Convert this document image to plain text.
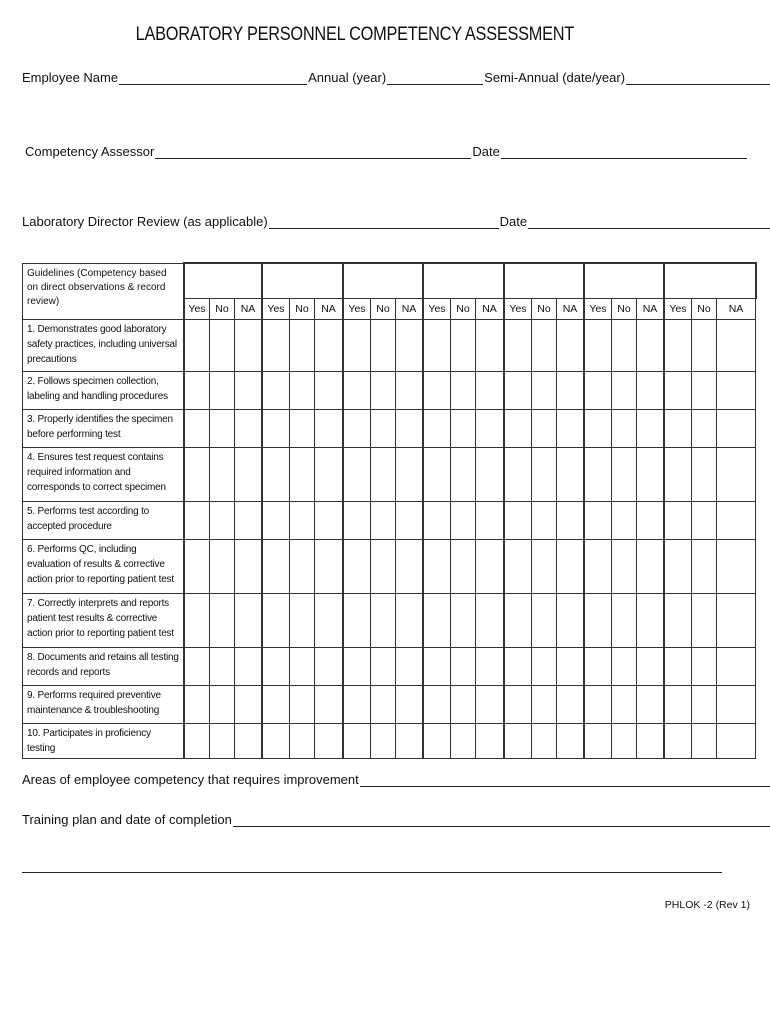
LABORATORY PERSONNEL COMPETENCY ASSESSMENT
Employee Name	Annual (year)	Semi-Annual (date/year)
Competency Assessor	Date
Laboratory Director Review (as applicable)	Date
Guidelines (Competency based on direct observations & record review)																					
	Yes	No	NA	Yes	No	NA	Yes	No	NA	Yes	No	NA	Yes	No	NA	Yes	No	NA	Yes	No	NA
1. Demonstrates good laboratory safety practices, including universal precautions																					
2. Follows specimen collection, labeling and handling procedures																					
3. Properly identifies the specimen before performing test																					
4. Ensures test request contains required information and corresponds to correct specimen																					
5. Performs test according to accepted procedure																					
6. Performs QC, including evaluation of results & corrective action prior to reporting patient test																					
7. Correctly interprets and reports patient test results & corrective action prior to reporting patient test																					
8. Documents and retains all testing records and reports																					
9. Performs required preventive maintenance & troubleshooting																					
10. Participates in proficiency testing																					
Areas of employee competency that requires improvement
Training plan and date of completion
PHLOK -2 (Rev 1)
